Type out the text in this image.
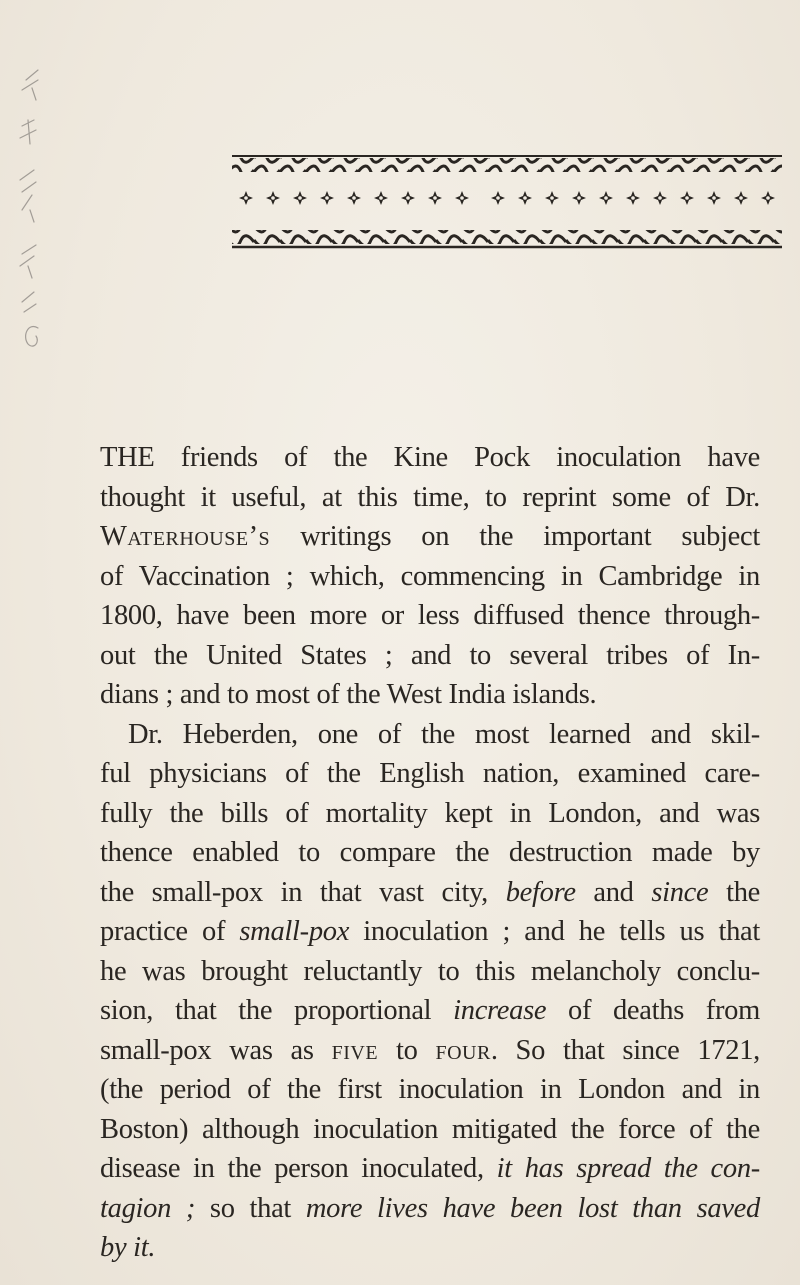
THE friends of the Kine Pock inoculation have
thought it useful, at this time, to reprint some of Dr.
Waterhouse’s writings on the important subject
of Vaccination ; which, commencing in Cambridge in
1800, have been more or less diffused thence through-
out the United States ; and to several tribes of In-
dians ; and to most of the West India islands.

Dr. Heberden, one of the most learned and skil-
ful physicians of the English nation, examined care-
fully the bills of mortality kept in London, and was
thence enabled to compare the destruction made by
the small-pox in that vast city, before and since the
practice of small-pox inoculation ; and he tells us that
he was brought reluctantly to this melancholy conclu-
sion, that the proportional increase of deaths from
small-pox was as five to four. So that since 1721,
(the period of the first inoculation in London and in
Boston) although inoculation mitigated the force of the
disease in the person inoculated, it has spread the con-
tagion ; so that more lives have been lost than saved
by it.
